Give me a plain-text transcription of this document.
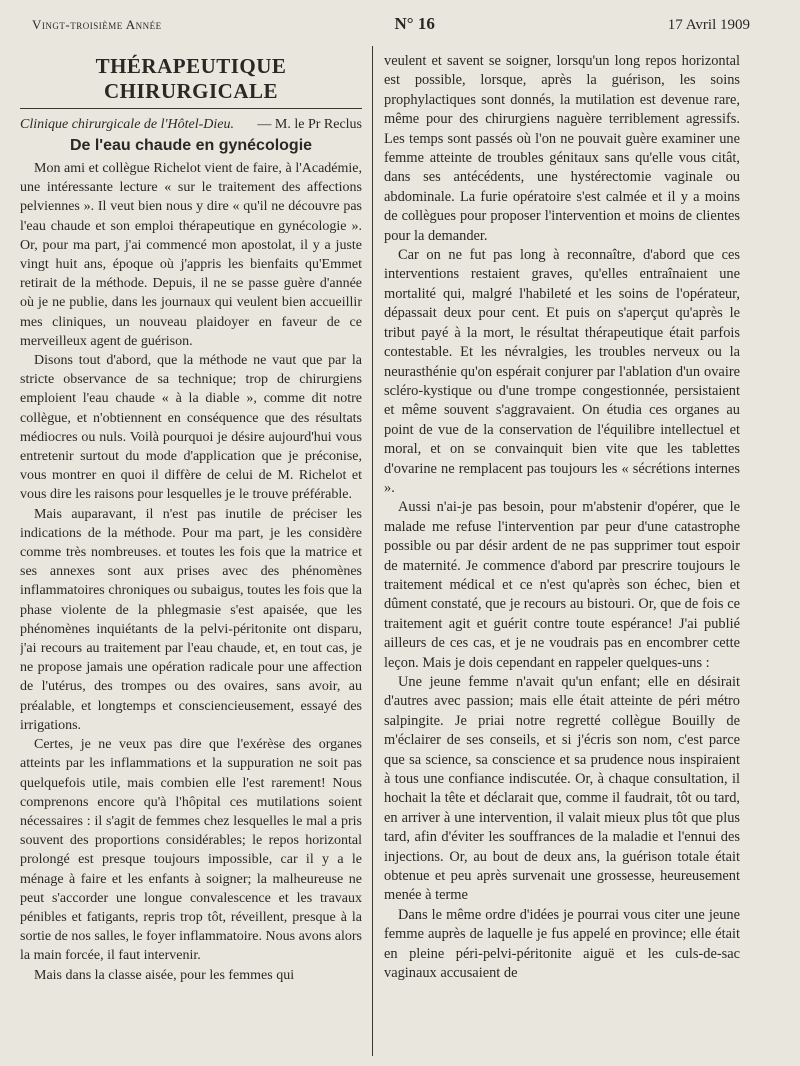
Vingt-troisième Année	N° 16	17 Avril 1909
THÉRAPEUTIQUE CHIRURGICALE
Clinique chirurgicale de l'Hôtel-Dieu. — M. le Pr Reclus
De l'eau chaude en gynécologie

Mon ami et collègue Richelot vient de faire, à l'Académie, une intéressante lecture « sur le traitement des affections pelviennes ». Il veut bien nous y dire « qu'il ne découvre pas l'eau chaude et son emploi thérapeutique en gynécologie ». Or, pour ma part, j'ai commencé mon apostolat, il y a juste vingt huit ans, époque où j'appris les bienfaits qu'Emmet retirait de la méthode. Depuis, il ne se passe guère d'année où je ne publie, dans les journaux qui veulent bien accueillir mes cliniques, un nouveau plaidoyer en faveur de ce merveilleux agent de guérison.

Disons tout d'abord, que la méthode ne vaut que par la stricte observance de sa technique; trop de chirurgiens emploient l'eau chaude « à la diable », comme dit notre collègue, et n'obtiennent en conséquence que des résultats médiocres ou nuls. Voilà pourquoi je désire aujourd'hui vous entretenir surtout du mode d'application que je préconise, vous montrer en quoi il diffère de celui de M. Richelot et vous dire les raisons pour lesquelles je le trouve préférable.

Mais auparavant, il n'est pas inutile de préciser les indications de la méthode. Pour ma part, je les considère comme très nombreuses. et toutes les fois que la matrice et ses annexes sont aux prises avec des phénomènes inflammatoires chroniques ou subaigus, toutes les fois que la phase violente de la phlegmasie s'est apaisée, que les phénomènes inquiétants de la pelvi-péritonite ont disparu, j'ai recours au traitement par l'eau chaude, et, en tout cas, je ne propose jamais une opération radicale pour une affection de l'utérus, des trompes ou des ovaires, sans avoir, au préalable, et longtemps et consciencieusement, essayé des irrigations.

Certes, je ne veux pas dire que l'exérèse des organes atteints par les inflammations et la suppuration ne soit pas quelquefois utile, mais combien elle l'est rarement! Nous comprenons encore qu'à l'hôpital ces mutilations soient nécessaires : il s'agit de femmes chez lesquelles le mal a pris souvent des proportions considérables; le repos horizontal prolongé est presque toujours impossible, car il y a le ménage à faire et les enfants à soigner; la malheureuse ne peut s'accorder une longue convalescence et les travaux pénibles et fatigants, repris trop tôt, réveillent, presque à la sortie de nos salles, le foyer inflammatoire. Nous avons alors la main forcée, il faut intervenir.

Mais dans la classe aisée, pour les femmes qui

veulent et savent se soigner, lorsqu'un long repos horizontal est possible, lorsque, après la guérison, les soins prophylactiques sont donnés, la mutilation est devenue rare, même pour des chirurgiens naguère terriblement agressifs. Les temps sont passés où l'on ne pouvait guère examiner une femme atteinte de troubles génitaux sans qu'elle vous citât, dans ses antécédents, une hystérectomie vaginale ou abdominale. La furie opératoire s'est calmée et il y a moins de collègues pour proposer l'intervention et moins de clientes pour la demander.

Car on ne fut pas long à reconnaître, d'abord que ces interventions restaient graves, qu'elles entraînaient une mortalité qui, malgré l'habileté et les soins de l'opérateur, dépassait deux pour cent. Et puis on s'aperçut qu'après le tribut payé à la mort, le résultat thérapeutique était parfois contestable. Et les névralgies, les troubles nerveux ou la neurasthénie qu'on espérait conjurer par l'ablation d'un ovaire scléro-kystique ou d'une trompe congestionnée, persistaient et même souvent s'aggravaient. On étudia ces organes au point de vue de la conservation de l'équilibre intellectuel et moral, et on se convainquit bien vite que les tablettes d'ovarine ne remplacent pas toujours les « sécrétions internes ».

Aussi n'ai-je pas besoin, pour m'abstenir d'opérer, que le malade me refuse l'intervention par peur d'une catastrophe possible ou par désir ardent de ne pas supprimer tout espoir de maternité. Je commence d'abord par prescrire toujours le traitement médical et ce n'est qu'après son échec, bien et dûment constaté, que je recours au bistouri. Or, que de fois ce traitement agit et guérit contre toute espérance! J'ai publié ailleurs de ces cas, et je ne voudrais pas en encombrer cette leçon. Mais je dois cependant en rappeler quelques-uns :

Une jeune femme n'avait qu'un enfant; elle en désirait d'autres avec passion; mais elle était atteinte de péri métro salpingite. Je priai notre regretté collègue Bouilly de m'éclairer de ses conseils, et si j'écris son nom, c'est parce que sa science, sa conscience et sa prudence nous inspiraient à tous une confiance indiscutée. Or, à chaque consultation, il hochait la tête et déclarait que, comme il faudrait, tôt ou tard, en arriver à une intervention, il valait mieux plus tôt que plus tard, afin d'éviter les souffrances de la maladie et l'ennui des injections. Or, au bout de deux ans, la guérison totale était obtenue et peu après survenait une grossesse, heureusement menée à terme

Dans le même ordre d'idées je pourrai vous citer une jeune femme auprès de laquelle je fus appelé en province; elle était en pleine péri-pelvi-péritonite aiguë et les culs-de-sac vaginaux accusaient de
